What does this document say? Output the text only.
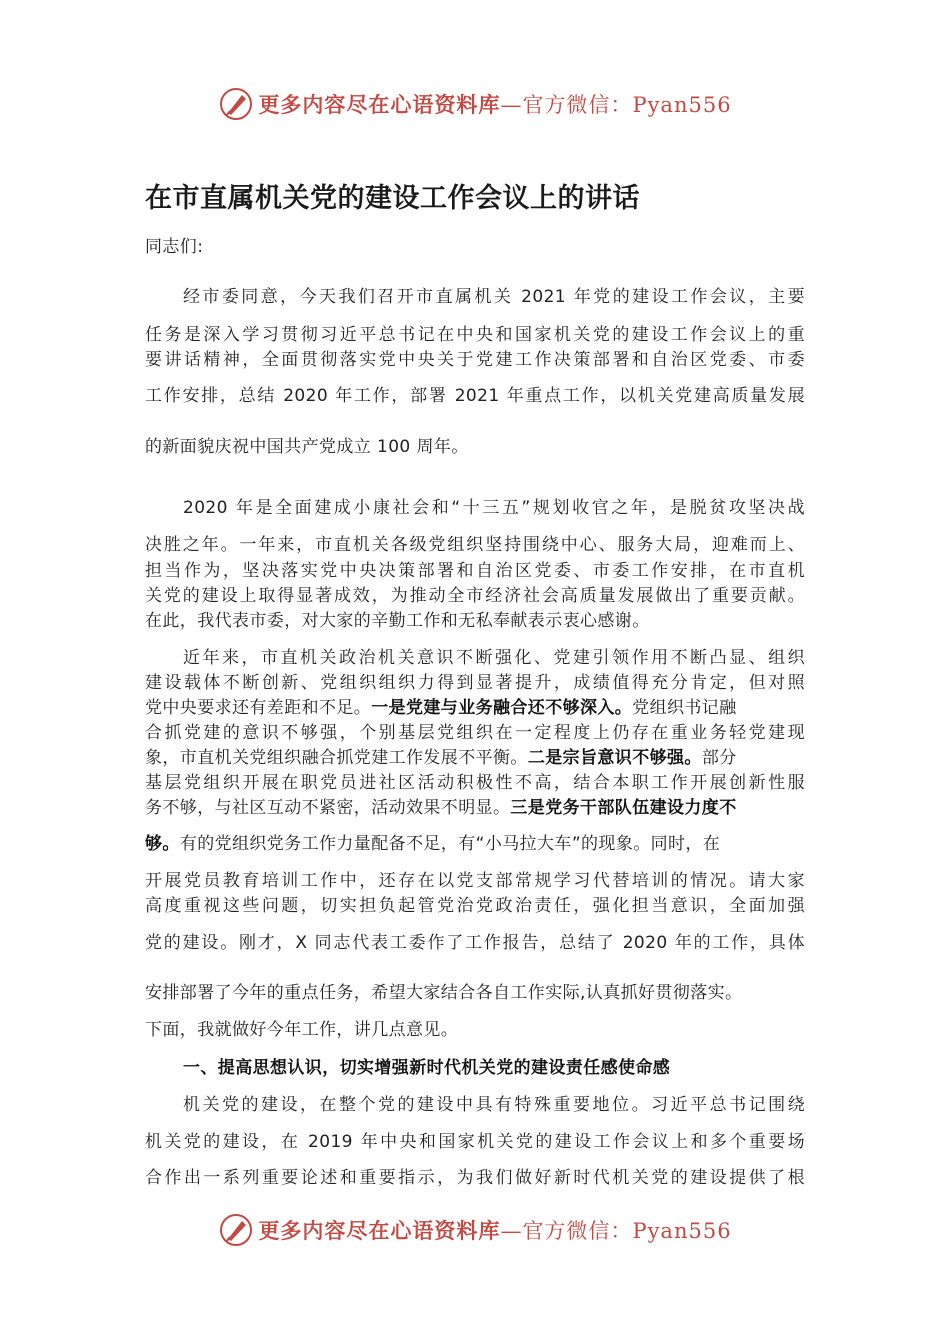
更多内容尽在心语资料库—官方微信：Pyan556
在市直属机关党的建设工作会议上的讲话

同志们:

经市委同意，今天我们召开市直属机关 2021 年党的建设工作会议，主要

任务是深入学习贯彻习近平总书记在中央和国家机关党的建设工作会议上的重

要讲话精神，全面贯彻落实党中央关于党建工作决策部署和自治区党委、市委

工作安排，总结 2020 年工作，部署 2021 年重点工作，以机关党建高质量发展

的新面貌庆祝中国共产党成立 100 周年。

2020 年是全面建成小康社会和“十三五”规划收官之年，是脱贫攻坚决战

决胜之年。一年来，市直机关各级党组织坚持围绕中心、服务大局，迎难而上、

担当作为，坚决落实党中央决策部署和自治区党委、市委工作安排，在市直机

关党的建设上取得显著成效，为推动全市经济社会高质量发展做出了重要贡献。

在此，我代表市委，对大家的辛勤工作和无私奉献表示衷心感谢。

近年来，市直机关政治机关意识不断强化、党建引领作用不断凸显、组织

建设载体不断创新、党组织组织力得到显著提升，成绩值得充分肯定，但对照

党中央要求还有差距和不足。一是党建与业务融合还不够深入。党组织书记融

合抓党建的意识不够强，个别基层党组织在一定程度上仍存在重业务轻党建现

象，市直机关党组织融合抓党建工作发展不平衡。二是宗旨意识不够强。部分

基层党组织开展在职党员进社区活动积极性不高，结合本职工作开展创新性服

务不够，与社区互动不紧密，活动效果不明显。三是党务干部队伍建设力度不

够。有的党组织党务工作力量配备不足，有“小马拉大车”的现象。同时，在

开展党员教育培训工作中，还存在以党支部常规学习代替培训的情况。请大家

高度重视这些问题，切实担负起管党治党政治责任，强化担当意识，全面加强

党的建设。刚才，X 同志代表工委作了工作报告，总结了 2020 年的工作，具体

安排部署了今年的重点任务，希望大家结合各自工作实际,认真抓好贯彻落实。

下面，我就做好今年工作，讲几点意见。

一、提高思想认识，切实增强新时代机关党的建设责任感使命感

机关党的建设，在整个党的建设中具有特殊重要地位。习近平总书记围绕

机关党的建设，在 2019 年中央和国家机关党的建设工作会议上和多个重要场

合作出一系列重要论述和重要指示，为我们做好新时代机关党的建设提供了根

更多内容尽在心语资料库—官方微信：Pyan556
